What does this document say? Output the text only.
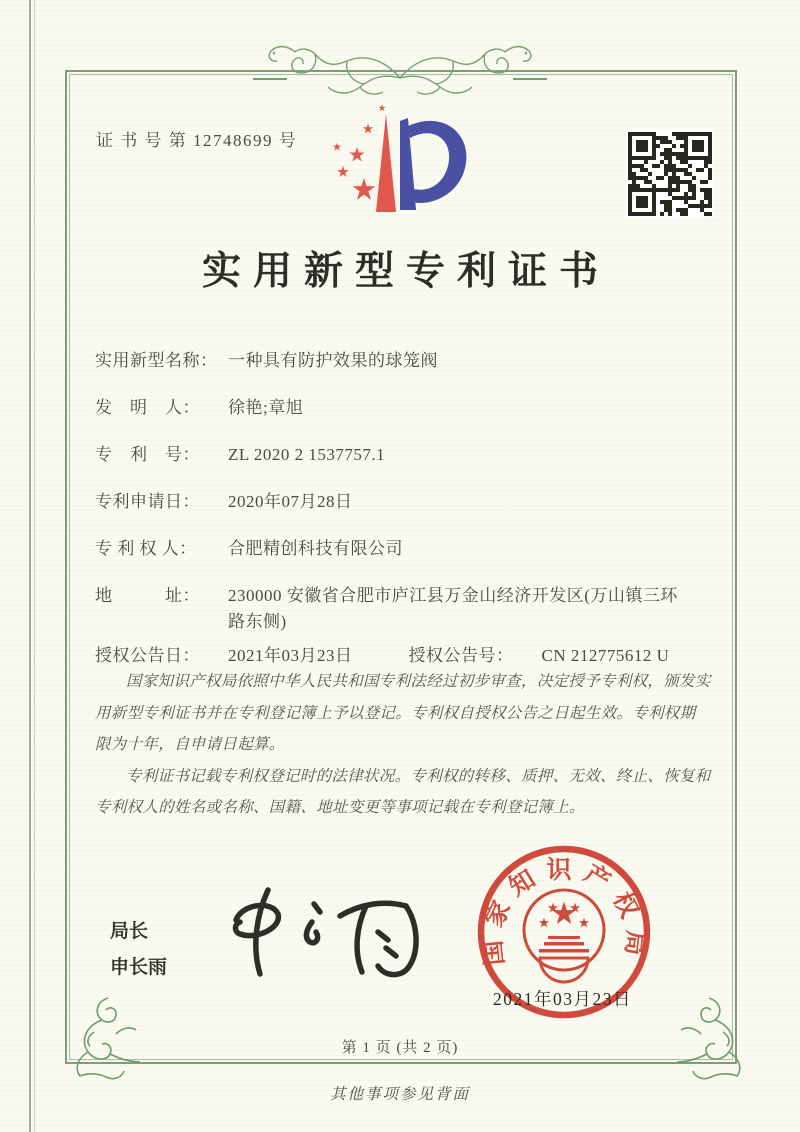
证 书 号 第 12748699 号
实用新型专利证书
实用新型名称： 一种具有防护效果的球笼阀
发　明　人：	徐艳;章旭
专　利　号：	ZL 2020 2 1537757.1
专利申请日：	2020年07月28日
专 利 权 人：	合肥精创科技有限公司
地　　　址：	230000 安徽省合肥市庐江县万金山经济开发区(万山镇三环路东侧)
授权公告日：	2021年03月23日	授权公告号：	CN 212775612 U

国家知识产权局依照中华人民共和国专利法经过初步审查，决定授予专利权，颁发实用新型专利证书并在专利登记簿上予以登记。专利权自授权公告之日起生效。专利权期限为十年，自申请日起算。

专利证书记载专利权登记时的法律状况。专利权的转移、质押、无效、终止、恢复和专利权人的姓名或名称、国籍、地址变更等事项记载在专利登记簿上。

局长
申长雨
国家知识产权局
2021年03月23日
第 1 页 (共 2 页)
其他事项参见背面
